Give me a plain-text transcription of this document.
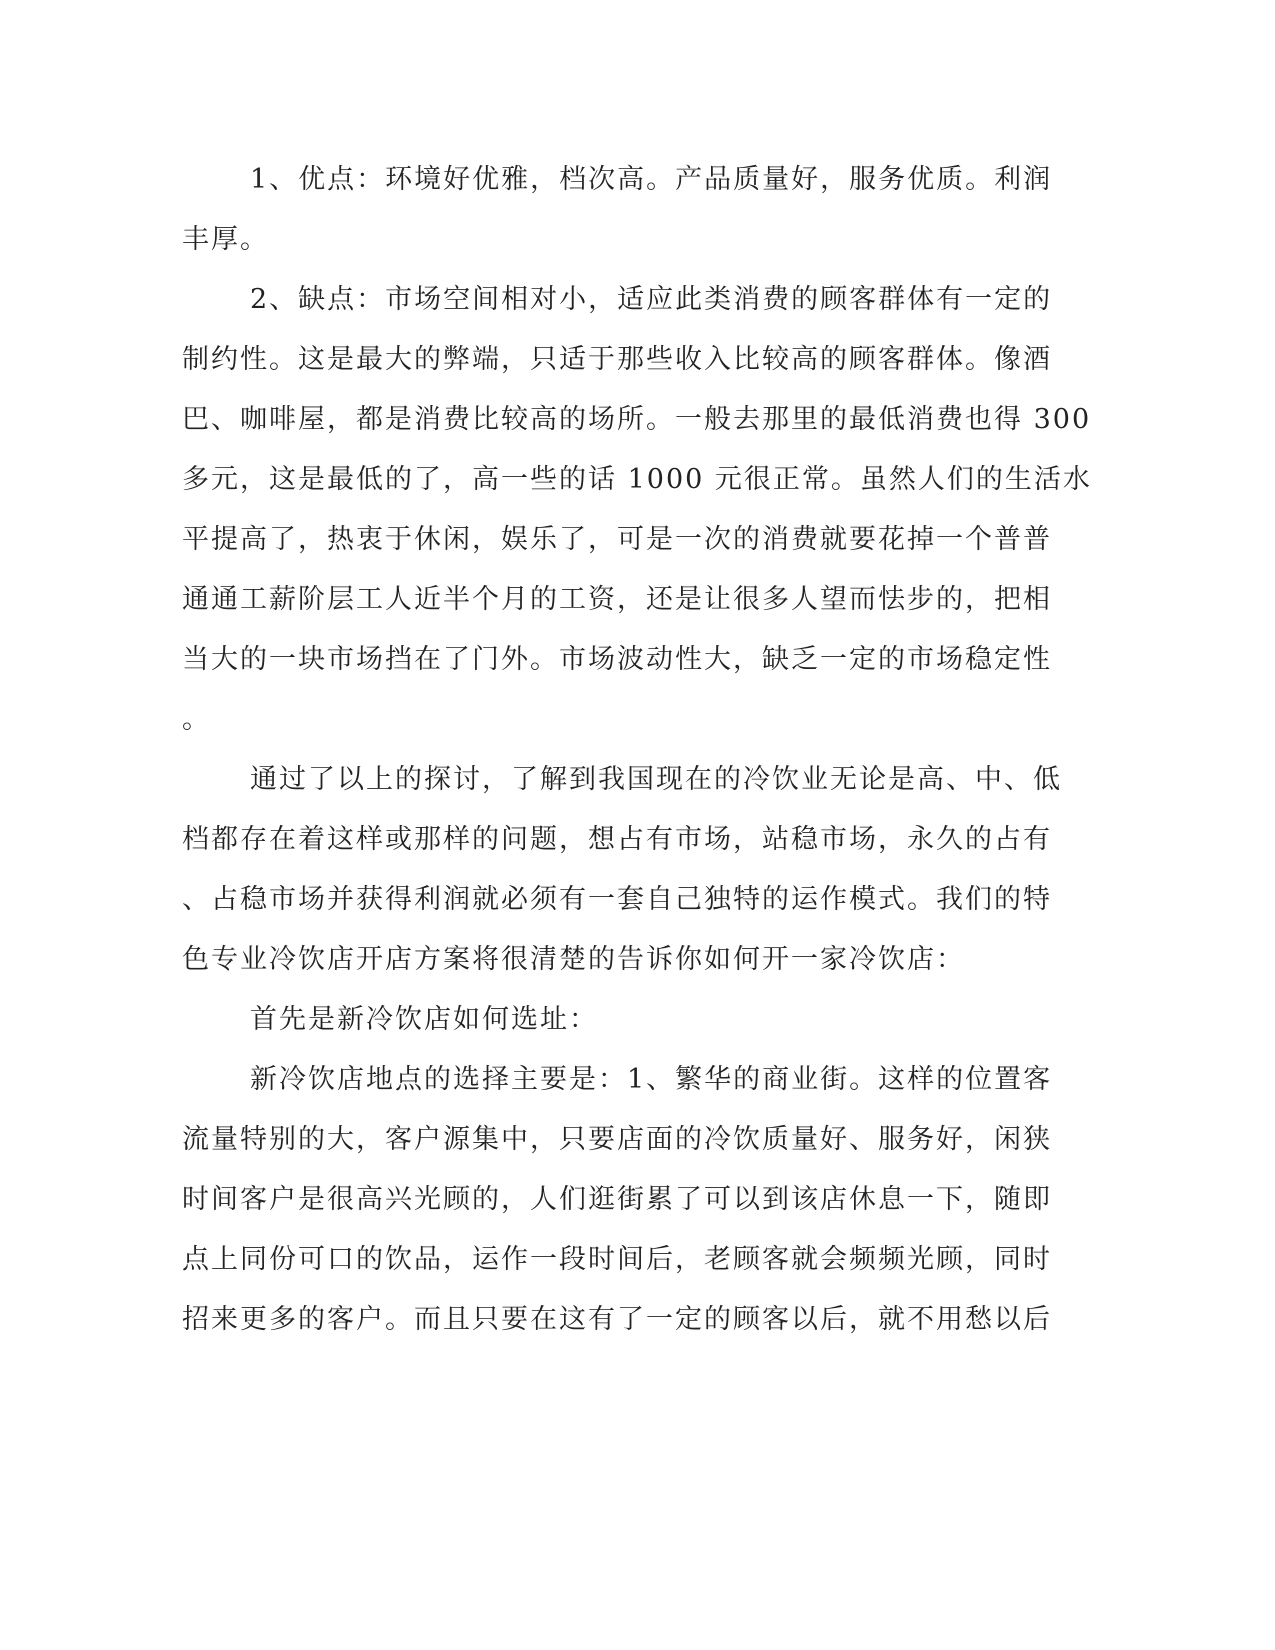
1、优点：环境好优雅，档次高。产品质量好，服务优质。利润
丰厚。
2、缺点：市场空间相对小，适应此类消费的顾客群体有一定的
制约性。这是最大的弊端，只适于那些收入比较高的顾客群体。像酒
巴、咖啡屋，都是消费比较高的场所。一般去那里的最低消费也得 300
多元，这是最低的了，高一些的话 1000 元很正常。虽然人们的生活水
平提高了，热衷于休闲，娱乐了，可是一次的消费就要花掉一个普普
通通工薪阶层工人近半个月的工资，还是让很多人望而怯步的，把相
当大的一块市场挡在了门外。市场波动性大，缺乏一定的市场稳定性
。
通过了以上的探讨，了解到我国现在的冷饮业无论是高、中、低
档都存在着这样或那样的问题，想占有市场，站稳市场，永久的占有
、占稳市场并获得利润就必须有一套自己独特的运作模式。我们的特
色专业冷饮店开店方案将很清楚的告诉你如何开一家冷饮店：
首先是新冷饮店如何选址：
新冷饮店地点的选择主要是：1、繁华的商业街。这样的位置客
流量特别的大，客户源集中，只要店面的冷饮质量好、服务好，闲狭
时间客户是很高兴光顾的，人们逛街累了可以到该店休息一下，随即
点上同份可口的饮品，运作一段时间后，老顾客就会频频光顾，同时
招来更多的客户。而且只要在这有了一定的顾客以后，就不用愁以后
